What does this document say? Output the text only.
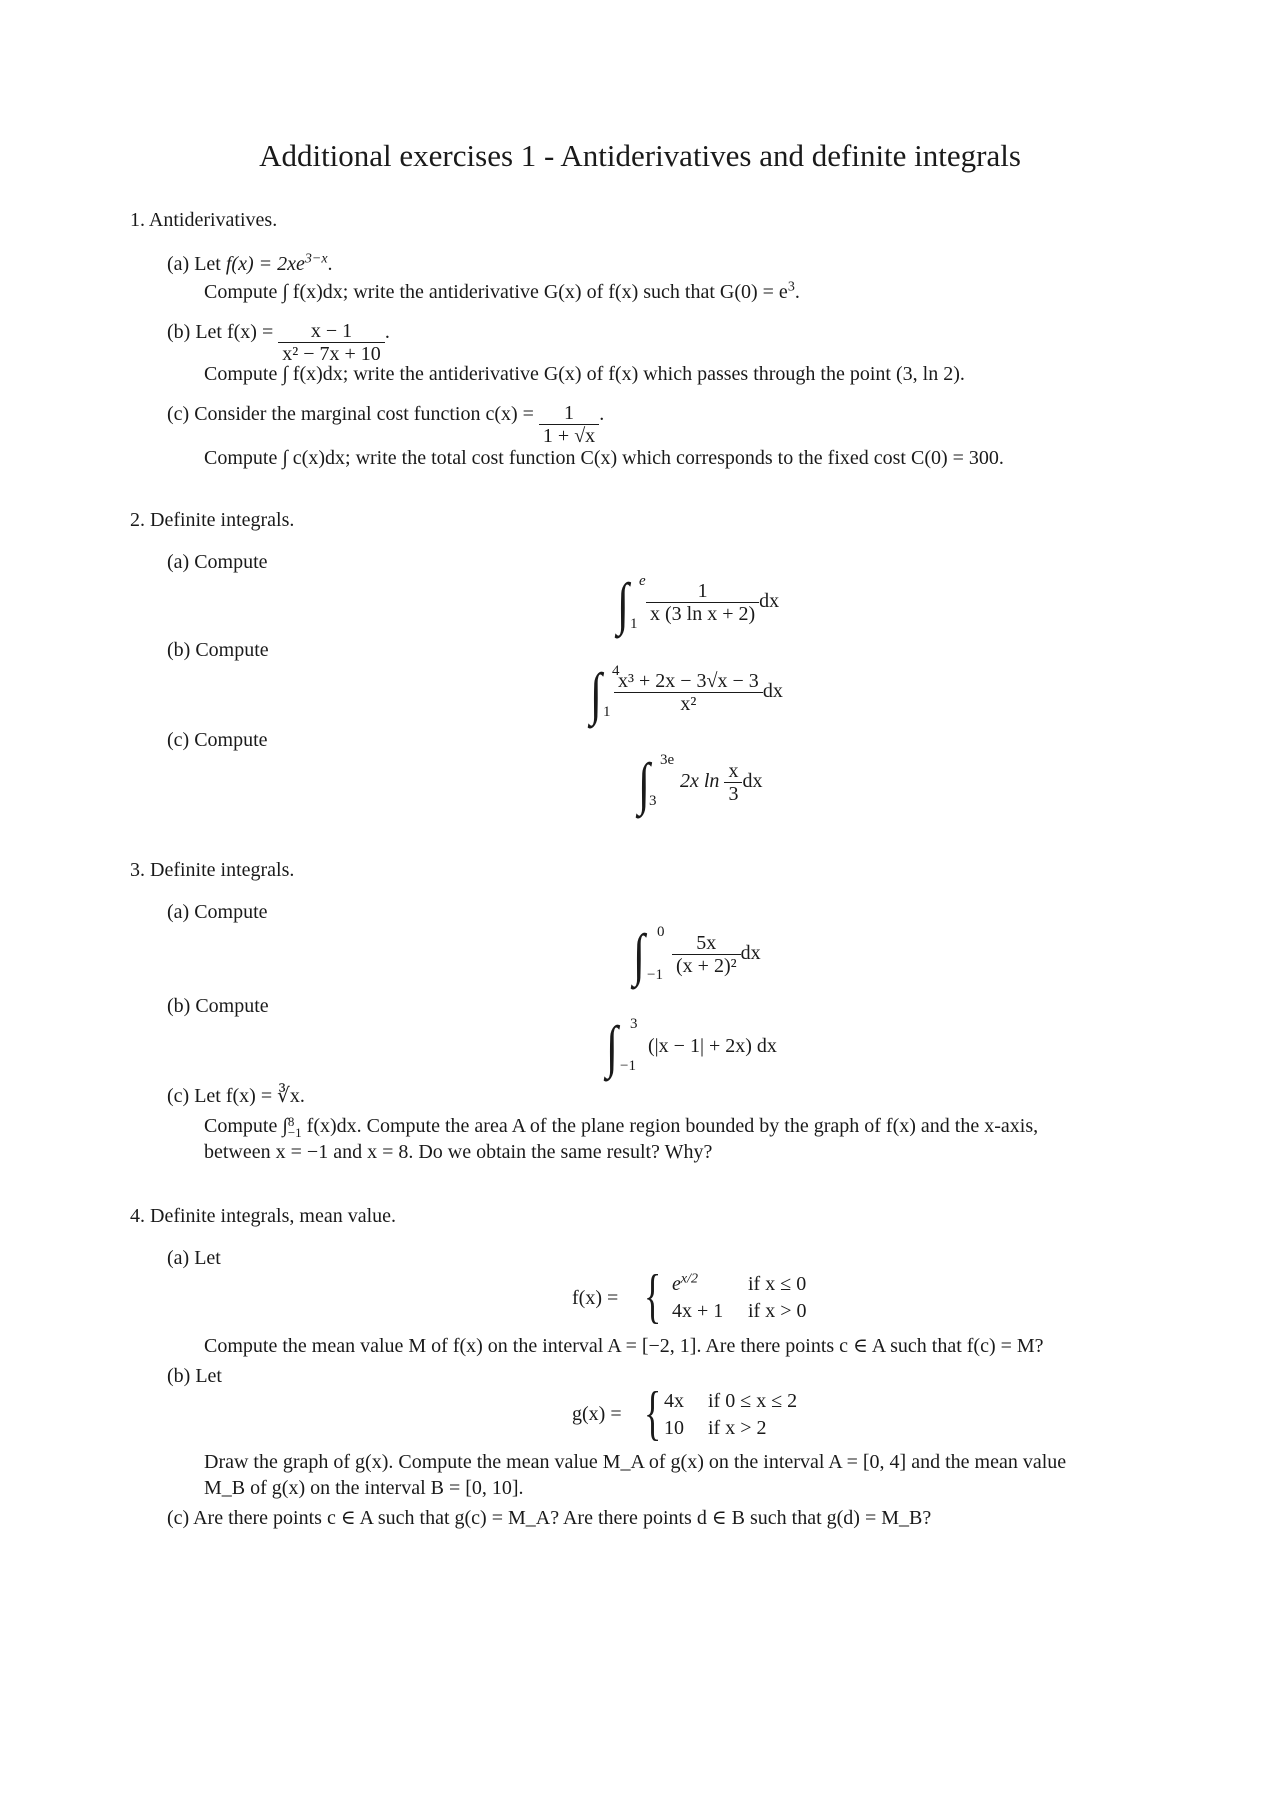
Additional exercises 1 - Antiderivatives and definite integrals
1. Antiderivatives.
(a) Let $f(x) = 2xe^{3-x}$.
Compute ∫ f(x)dx; write the antiderivative G(x) of f(x) such that $G(0) = e^3$.
(b) Let $f(x) = \frac{x - 1}{\text{x² − 7x + 10}}$ .
Compute ∫ f(x)dx; write the antiderivative G(x) of f(x) which passes through the point (3, ln 2).
(c) Consider the marginal cost function $c(x) = \frac{1}{1 + √x}$ .
Compute ∫ c(x)dx; write the total cost function C(x) which corresponds to the fixed cost C(0) = 300.
2. Definite integrals.
(a) Compute
∫ e
$1 \frac{1}{\text{x (3 ln x + 2)}}$ dx
(b) Compute
∫ 4
$1 \frac{\text{x³ + 2x − 3√x − 3}}{\text{x²}}$ dx
(c) Compute
∫ 3e
3
2x $\ln \frac{x}{3}$ dx
3. Definite integrals.
(a) Compute
∫ 0
$-1 \frac{5x}{\text{(x + 2)²}}$ dx
(b) Compute
∫ 3
−1
(|x − 1| + 2x) dx
(c) Let f(x) = ∛x.
Compute ∫ 8
−1 f(x)dx. Compute the area A of the plane region bounded by the graph of f(x) and the x-axis,
between x = −1 and x = 8. Do we obtain the same result? Why?
4. Definite integrals, mean value.
(a) Let
f(x) = { $e^{x/2}$	if x ≤ 0
4x + 1 if x > 0
Compute the mean value M of f(x) on the interval A = [−2, 1]. Are there points c ∈ A such that f(c) = M?
(b) Let
g(x) = { 4x if 0 ≤ x ≤ 2
10 if x > 2
Draw the graph of g(x). Compute the mean value M_A of g(x) on the interval A = [0, 4] and the mean value
M_B of g(x) on the interval B = [0, 10].
(c) Are there points c ∈ A such that g(c) = M_A? Are there points d ∈ B such that g(d) = M_B?
